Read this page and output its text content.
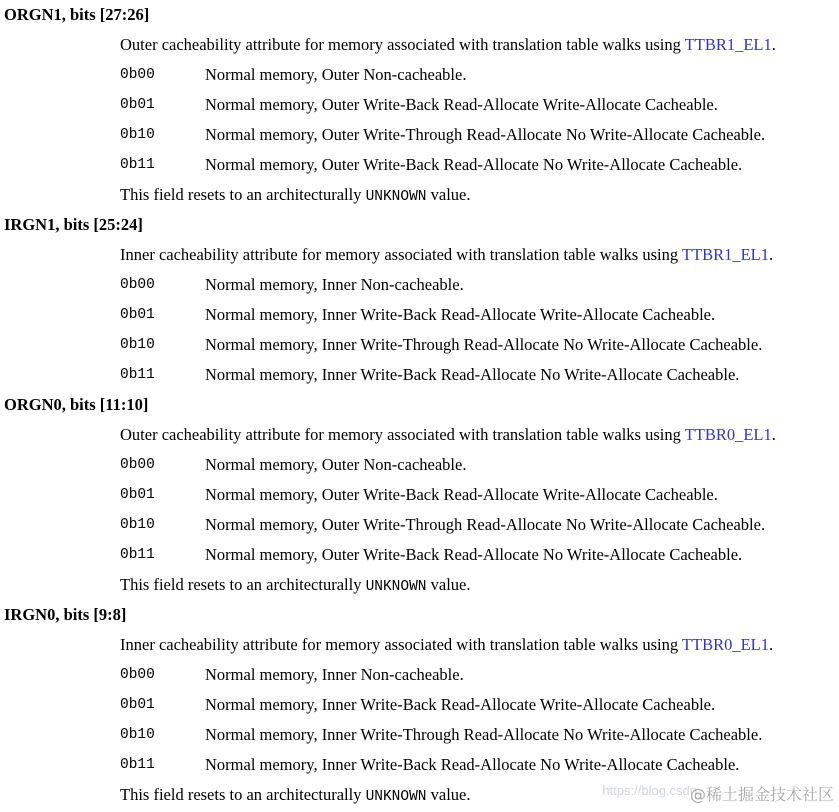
ORGN1, bits [27:26]
Outer cacheability attribute for memory associated with translation table walks using TTBR1_EL1.
0b00	Normal memory, Outer Non-cacheable.
0b01	Normal memory, Outer Write-Back Read-Allocate Write-Allocate Cacheable.
0b10	Normal memory, Outer Write-Through Read-Allocate No Write-Allocate Cacheable.
0b11	Normal memory, Outer Write-Back Read-Allocate No Write-Allocate Cacheable.
This field resets to an architecturally UNKNOWN value.
IRGN1, bits [25:24]
Inner cacheability attribute for memory associated with translation table walks using TTBR1_EL1.
0b00	Normal memory, Inner Non-cacheable.
0b01	Normal memory, Inner Write-Back Read-Allocate Write-Allocate Cacheable.
0b10	Normal memory, Inner Write-Through Read-Allocate No Write-Allocate Cacheable.
0b11	Normal memory, Inner Write-Back Read-Allocate No Write-Allocate Cacheable.
ORGN0, bits [11:10]
Outer cacheability attribute for memory associated with translation table walks using TTBR0_EL1.
0b00	Normal memory, Outer Non-cacheable.
0b01	Normal memory, Outer Write-Back Read-Allocate Write-Allocate Cacheable.
0b10	Normal memory, Outer Write-Through Read-Allocate No Write-Allocate Cacheable.
0b11	Normal memory, Outer Write-Back Read-Allocate No Write-Allocate Cacheable.
This field resets to an architecturally UNKNOWN value.
IRGN0, bits [9:8]
Inner cacheability attribute for memory associated with translation table walks using TTBR0_EL1.
0b00	Normal memory, Inner Non-cacheable.
0b01	Normal memory, Inner Write-Back Read-Allocate Write-Allocate Cacheable.
0b10	Normal memory, Inner Write-Through Read-Allocate No Write-Allocate Cacheable.
0b11	Normal memory, Inner Write-Back Read-Allocate No Write-Allocate Cacheable.
This field resets to an architecturally UNKNOWN value.	https://blog.csdn
@稀土掘金技术社区
